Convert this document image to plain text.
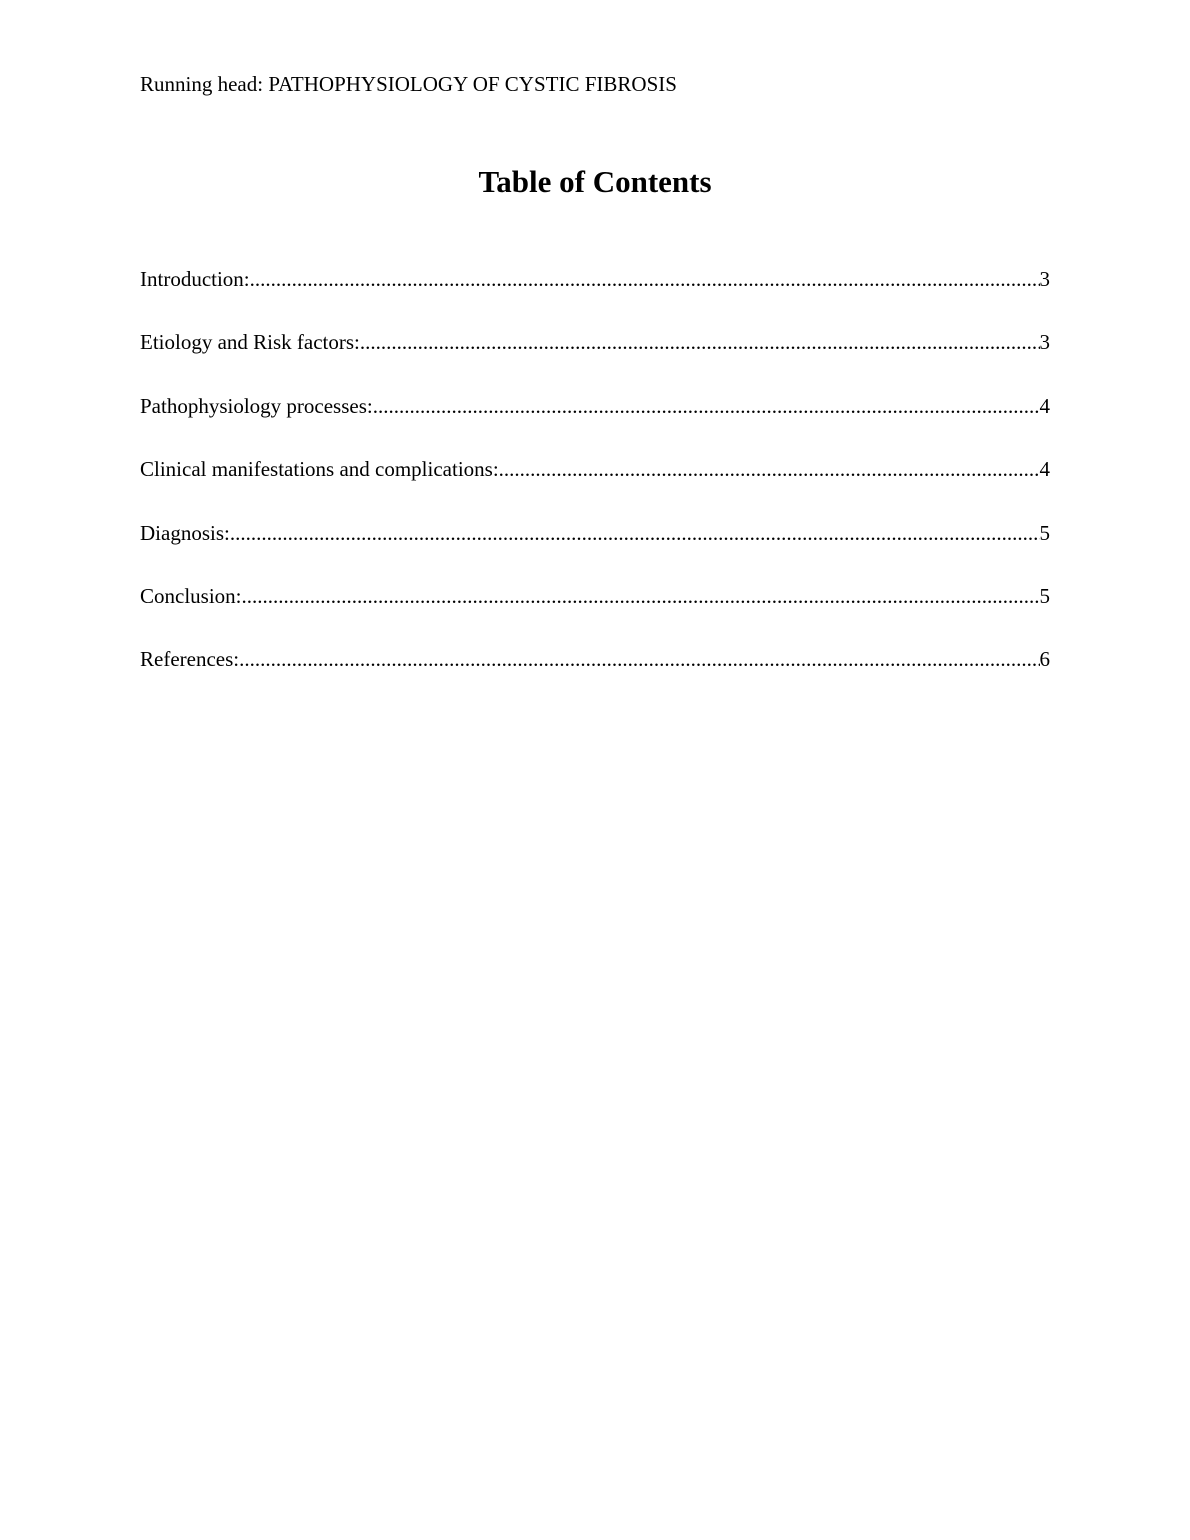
Running head: PATHOPHYSIOLOGY OF CYSTIC FIBROSIS
Table of Contents
Introduction: .....	3
Etiology and Risk factors: .....	3
Pathophysiology processes: .....	4
Clinical manifestations and complications: .....	4
Diagnosis: .....	5
Conclusion: .....	5
References: .....	6
